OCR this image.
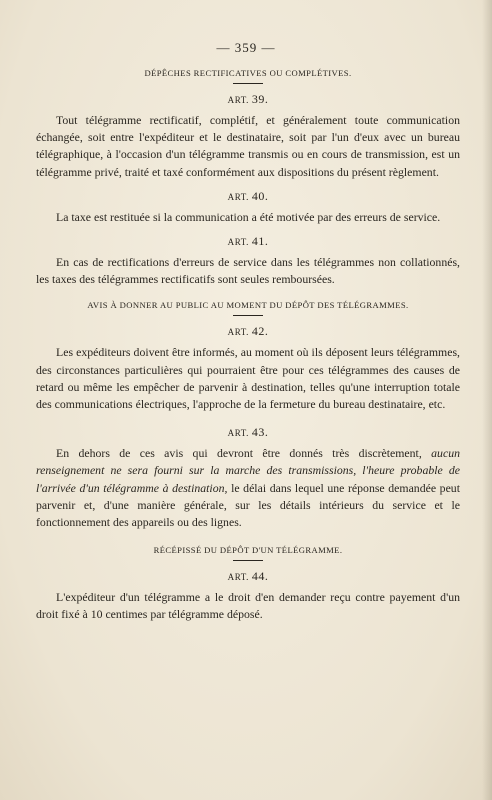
— 359 —
DÉPÊCHES RECTIFICATIVES OU COMPLÉTIVES.
ART. 39.

Tout télégramme rectificatif, complétif, et généralement toute communication échangée, soit entre l'expéditeur et le destinataire, soit par l'un d'eux avec un bureau télégraphique, à l'occasion d'un télégramme transmis ou en cours de transmission, est un télégramme privé, traité et taxé conformément aux dispositions du présent règlement.

ART. 40.

La taxe est restituée si la communication a été motivée par des erreurs de service.

ART. 41.

En cas de rectifications d'erreurs de service dans les télégrammes non collationnés, les taxes des télégrammes rectificatifs sont seules remboursées.

AVIS À DONNER AU PUBLIC AU MOMENT DU DÉPÔT DES TÉLÉGRAMMES.
ART. 42.

Les expéditeurs doivent être informés, au moment où ils déposent leurs télégrammes, des circonstances particulières qui pourraient être pour ces télégrammes des causes de retard ou même les empêcher de parvenir à destination, telles qu'une interruption totale des communications électriques, l'approche de la fermeture du bureau destinataire, etc.

ART. 43.

En dehors de ces avis qui devront être donnés très discrètement, aucun renseignement ne sera fourni sur la marche des transmissions, l'heure probable de l'arrivée d'un télégramme à destination, le délai dans lequel une réponse demandée peut parvenir et, d'une manière générale, sur les détails intérieurs du service et le fonctionnement des appareils ou des lignes.

RÉCÉPISSÉ DU DÉPÔT D'UN TÉLÉGRAMME.
ART. 44.

L'expéditeur d'un télégramme a le droit d'en demander reçu contre payement d'un droit fixé à 10 centimes par télégramme déposé.
